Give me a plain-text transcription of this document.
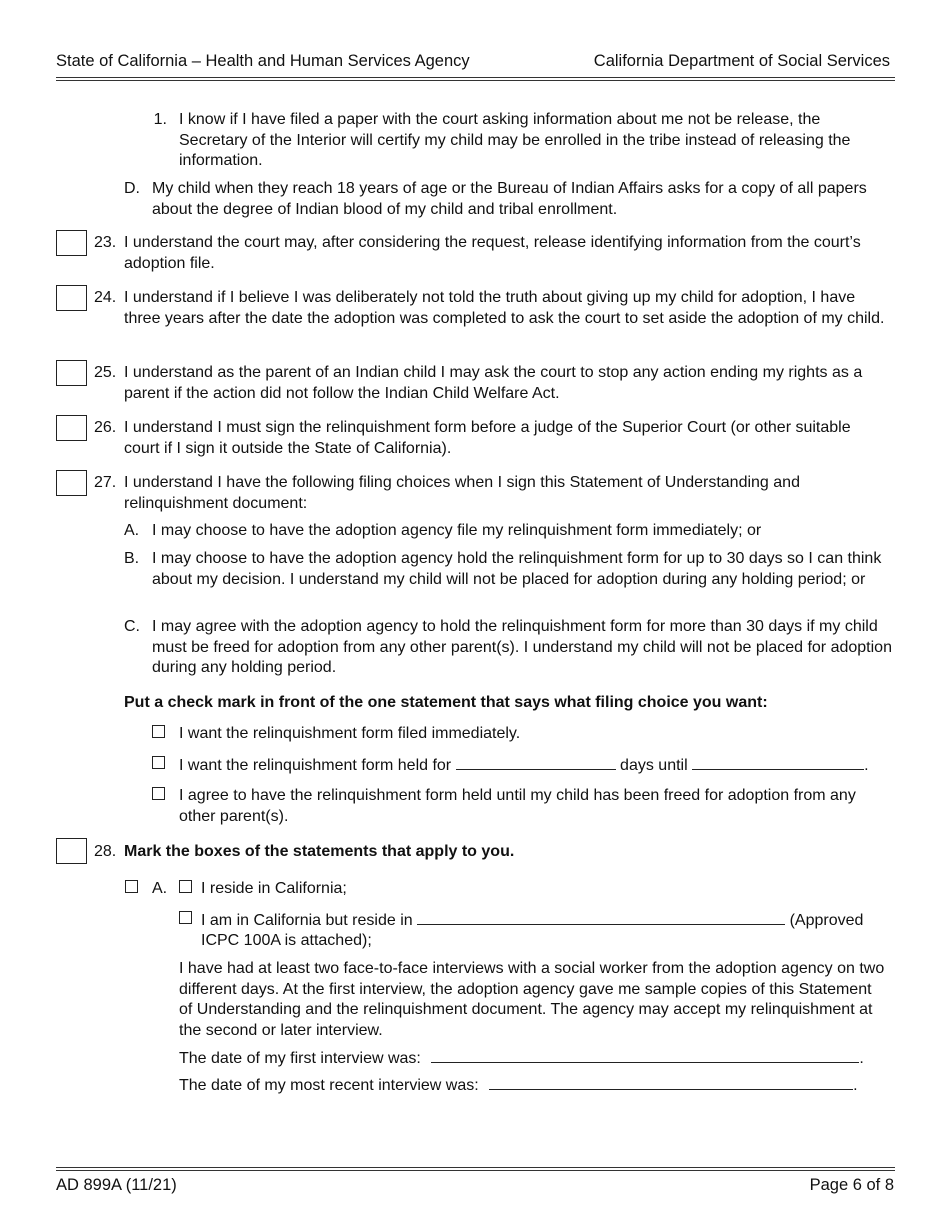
State of California – Health and Human Services Agency	California Department of Social Services
1. I know if I have filed a paper with the court asking information about me not be release, the Secretary of the Interior will certify my child may be enrolled in the tribe instead of releasing the information.
D. My child when they reach 18 years of age or the Bureau of Indian Affairs asks for a copy of all papers about the degree of Indian blood of my child and tribal enrollment.
23. I understand the court may, after considering the request, release identifying information from the court’s adoption file.
24. I understand if I believe I was deliberately not told the truth about giving up my child for adoption, I have three years after the date the adoption was completed to ask the court to set aside the adoption of my child.
25. I understand as the parent of an Indian child I may ask the court to stop any action ending my rights as a parent if the action did not follow the Indian Child Welfare Act.
26. I understand I must sign the relinquishment form before a judge of the Superior Court (or other suitable court if I sign it outside the State of California).
27. I understand I have the following filing choices when I sign this Statement of Understanding and relinquishment document:
A. I may choose to have the adoption agency file my relinquishment form immediately; or
B. I may choose to have the adoption agency hold the relinquishment form for up to 30 days so I can think about my decision. I understand my child will not be placed for adoption during any holding period; or
C. I may agree with the adoption agency to hold the relinquishment form for more than 30 days if my child must be freed for adoption from any other parent(s). I understand my child will not be placed for adoption during any holding period.
Put a check mark in front of the one statement that says what filing choice you want:
I want the relinquishment form filed immediately.
I want the relinquishment form held for	days until	.
I agree to have the relinquishment form held until my child has been freed for adoption from any other parent(s).
28. Mark the boxes of the statements that apply to you.
A. I reside in California;
I am in California but reside in	(Approved
ICPC 100A is attached);
I have had at least two face-to-face interviews with a social worker from the adoption agency on two different days. At the first interview, the adoption agency gave me sample copies of this Statement of Understanding and the relinquishment document. The agency may accept my relinquishment at the second or later interview.
The date of my first interview was:	.
The date of my most recent interview was:	.
AD 899A (11/21)	Page 6 of 8
